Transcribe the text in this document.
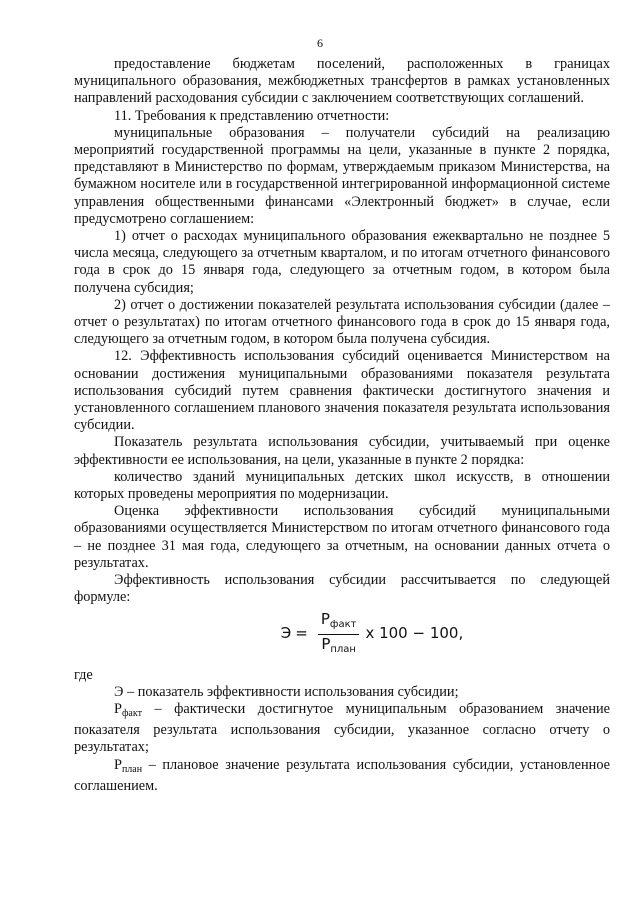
6

предоставление бюджетам поселений, расположенных в границах муниципального образования, межбюджетных трансфертов в рамках установленных направлений расходования субсидии с заключением соответствующих соглашений.

11. Требования к представлению отчетности:

муниципальные образования – получатели субсидий на реализацию мероприятий государственной программы на цели, указанные в пункте 2 порядка, представляют в Министерство по формам, утверждаемым приказом Министерства, на бумажном носителе или в государственной интегрированной информационной системе управления общественными финансами «Электронный бюджет» в случае, если предусмотрено соглашением:

1) отчет о расходах муниципального образования ежеквартально не позднее 5 числа месяца, следующего за отчетным кварталом, и по итогам отчетного финансового года в срок до 15 января года, следующего за отчетным годом, в котором была получена субсидия;

2) отчет о достижении показателей результата использования субсидии (далее – отчет о результатах) по итогам отчетного финансового года в срок до 15 января года, следующего за отчетным годом, в котором была получена субсидия.

12. Эффективность использования субсидий оценивается Министерством на основании достижения муниципальными образованиями показателя результата использования субсидий путем сравнения фактически достигнутого значения и установленного соглашением планового значения показателя результата использования субсидии.

Показатель результата использования субсидии, учитываемый при оценке эффективности ее использования, на цели, указанные в пункте 2 порядка:

количество зданий муниципальных детских школ искусств, в отношении которых проведены мероприятия по модернизации.

Оценка эффективности использования субсидий муниципальными образованиями осуществляется Министерством по итогам отчетного финансового года – не позднее 31 мая года, следующего за отчетным, на основании данных отчета о результатах.

Эффективность использования субсидии рассчитывается по следующей формуле:

$Э = \frac{P_{факт}}{P_{план}}$ x 100 − 100,

где

Э – показатель эффективности использования субсидии;

$P_{факт}$ – фактически достигнутое муниципальным образованием значение показателя результата использования субсидии, указанное согласно отчету о результатах;

$P_{план}$ – плановое значение результата использования субсидии, установленное соглашением.
